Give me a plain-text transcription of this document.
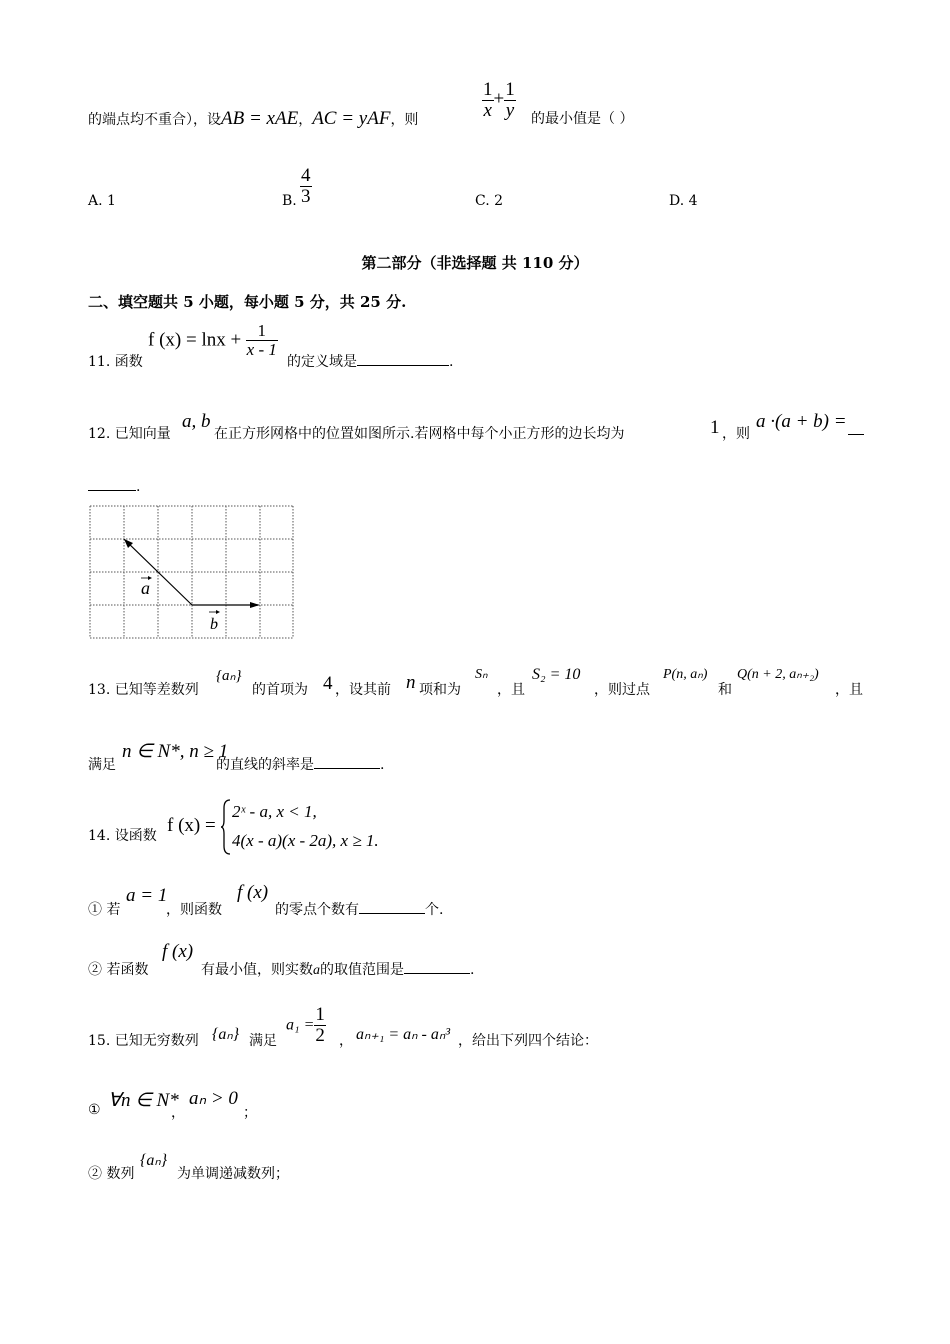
的端点均不重合），设AB = xAE，AC = yAF，则	$\frac{1}{x} + \frac{1}{y}$ 的最小值是（ ）
A. 1	B. $\frac{4}{3}$	C. 2	D. 4
第二部分（非选择题 共 110 分）
二、填空题共 5 小题，每小题 5 分，共 25 分.
11. 函数
f $(x) = \ln x + \frac{1}{x - 1}$
的定义域是	.
12. 已知向量
a, b
在正方形网格中的位置如图所示.若网格中每个小正方形的边长均为	1 ，则
a ·(a + b) =
.
a
b
13. 已知等差数列
{aₙ}
的首项为 4 ，设其前 n 项和为
Sₙ
，且
S₂ = 10
，则过点
P(n, aₙ)
和
Q(n + 2, aₙ₊₂)
，且
满足
n ∈ N*, n ≥ 1
的直线的斜率是	.
14. 设函数 f (x) =
2ˣ - a, x < 1,
4(x - a)(x - 2a), x ≥ 1.
① 若
a = 1
，则函数
f (x)
的零点个数有	个.
② 若函数
f (x)
有最小值，则实数a的取值范围是	.
15. 已知无穷数列 {aₙ} 满足
$a_1 = \frac{1}{2}$ ， aₙ₊₁ = aₙ - aₙ³ ，给出下列四个结论：
① ∀n ∈ N*
，
aₙ > 0
；
② 数列
{aₙ}
为单调递减数列；
